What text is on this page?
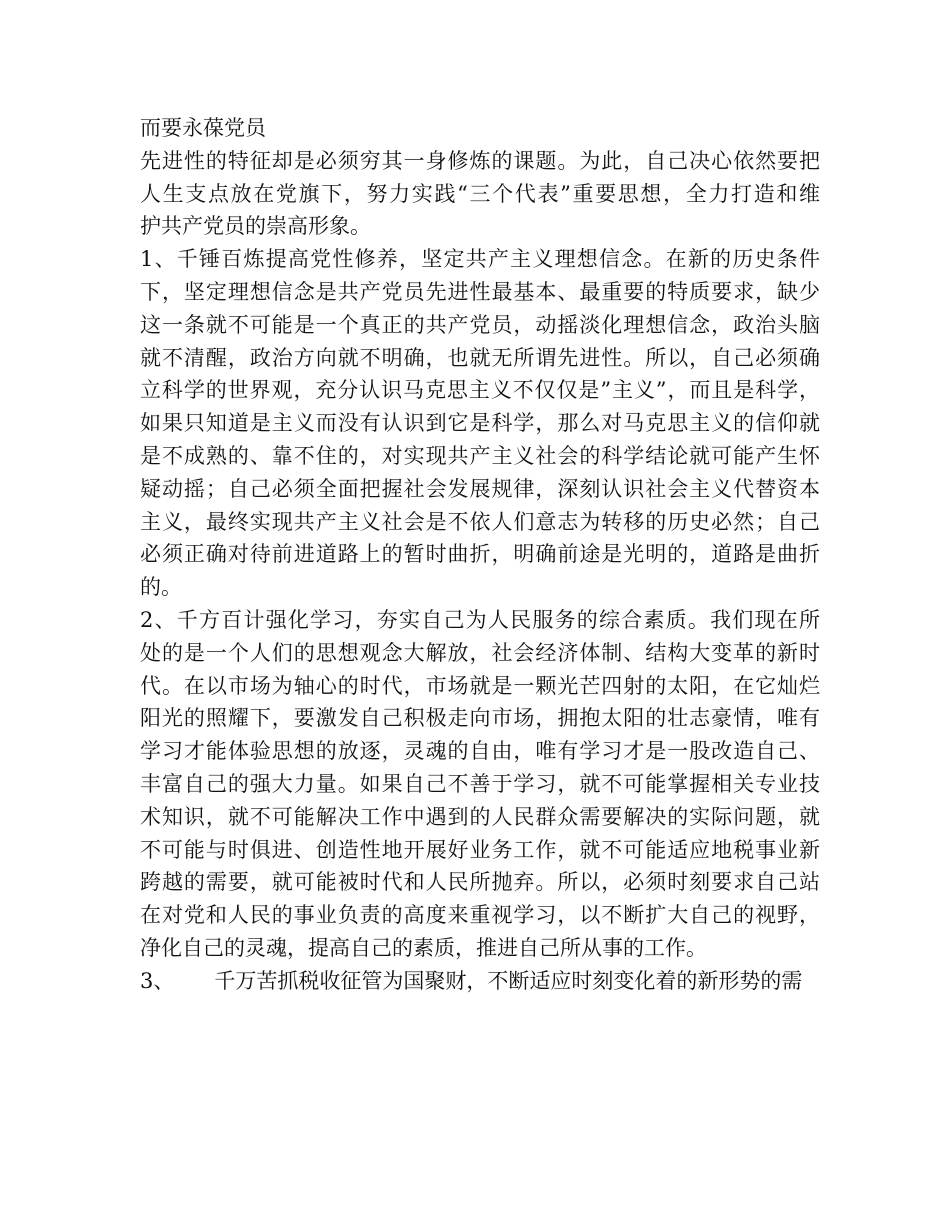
而要永葆党员
先进性的特征却是必须穷其一身修炼的课题。为此，自己决心依然要把
人生支点放在党旗下，努力实践“三个代表”重要思想，全力打造和维
护共产党员的崇高形象。
1、千锤百炼提高党性修养，坚定共产主义理想信念。在新的历史条件
下，坚定理想信念是共产党员先进性最基本、最重要的特质要求，缺少
这一条就不可能是一个真正的共产党员，动摇淡化理想信念，政治头脑
就不清醒，政治方向就不明确，也就无所谓先进性。所以，自己必须确
立科学的世界观，充分认识马克思主义不仅仅是”主义”，而且是科学，
如果只知道是主义而没有认识到它是科学，那么对马克思主义的信仰就
是不成熟的、靠不住的，对实现共产主义社会的科学结论就可能产生怀
疑动摇；自己必须全面把握社会发展规律，深刻认识社会主义代替资本
主义，最终实现共产主义社会是不依人们意志为转移的历史必然；自己
必须正确对待前进道路上的暂时曲折，明确前途是光明的，道路是曲折
的。
2、千方百计强化学习，夯实自己为人民服务的综合素质。我们现在所
处的是一个人们的思想观念大解放，社会经济体制、结构大变革的新时
代。在以市场为轴心的时代，市场就是一颗光芒四射的太阳，在它灿烂
阳光的照耀下，要激发自己积极走向市场，拥抱太阳的壮志豪情，唯有
学习才能体验思想的放逐，灵魂的自由，唯有学习才是一股改造自己、
丰富自己的强大力量。如果自己不善于学习，就不可能掌握相关专业技
术知识，就不可能解决工作中遇到的人民群众需要解决的实际问题，就
不可能与时俱进、创造性地开展好业务工作，就不可能适应地税事业新
跨越的需要，就可能被时代和人民所抛弃。所以，必须时刻要求自己站
在对党和人民的事业负责的高度来重视学习，以不断扩大自己的视野，
净化自己的灵魂，提高自己的素质，推进自己所从事的工作。
3、      千万苦抓税收征管为国聚财，不断适应时刻变化着的新形势的需
